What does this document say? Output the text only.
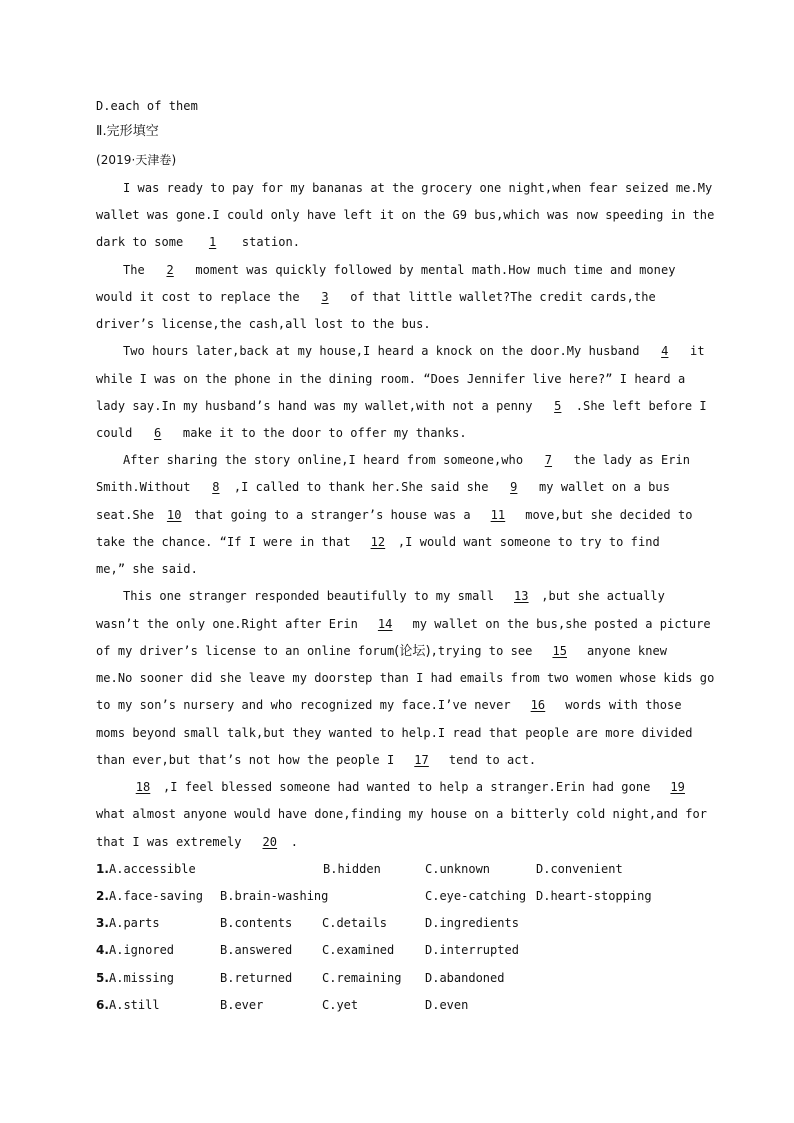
D.each of them
Ⅱ.完形填空
(2019·天津卷)
I was ready to pay for my bananas at the grocery one night,when fear seized me.My
wallet was gone.I could only have left it on the G9 bus,which was now speeding in the
dark to some 1 station.
The 2 moment was quickly followed by mental math.How much time and money
would it cost to replace the 3 of that little wallet?The credit cards,the
driver’s license,the cash,all lost to the bus.
Two hours later,back at my house,I heard a knock on the door.My husband 4 it
while I was on the phone in the dining room. “Does Jennifer live here?” I heard a
lady say.In my husband’s hand was my wallet,with not a penny 5 .She left before I
could 6 make it to the door to offer my thanks.
After sharing the story online,I heard from someone,who 7 the lady as Erin
Smith.Without 8 ,I called to thank her.She said she 9 my wallet on a bus
seat.She 10 that going to a stranger’s house was a 11 move,but she decided to
take the chance. “If I were in that 12 ,I would want someone to try to find
me,” she said.
This one stranger responded beautifully to my small 13 ,but she actually
wasn’t the only one.Right after Erin 14 my wallet on the bus,she posted a picture
of my driver’s license to an online forum(论坛),trying to see 15 anyone knew
me.No sooner did she leave my doorstep than I had emails from two women whose kids go
to my son’s nursery and who recognized my face.I’ve never 16 words with those
moms beyond small talk,but they wanted to help.I read that people are more divided
than ever,but that’s not how the people I 17 tend to act.
18 ,I feel blessed someone had wanted to help a stranger.Erin had gone 19
what almost anyone would have done,finding my house on a bitterly cold night,and for
that I was extremely 20 .
1. A.accessible	B.hidden	C.unknown	D.convenient
2. A.face-saving B.brain-washing	C.eye-catching D.heart-stopping
3. A.parts	B.contents C.details	D.ingredients
4. A.ignored	B.answered C.examined	D.interrupted
5. A.missing	B.returned C.remaining D.abandoned
6. A.still	B.ever	C.yet	D.even
